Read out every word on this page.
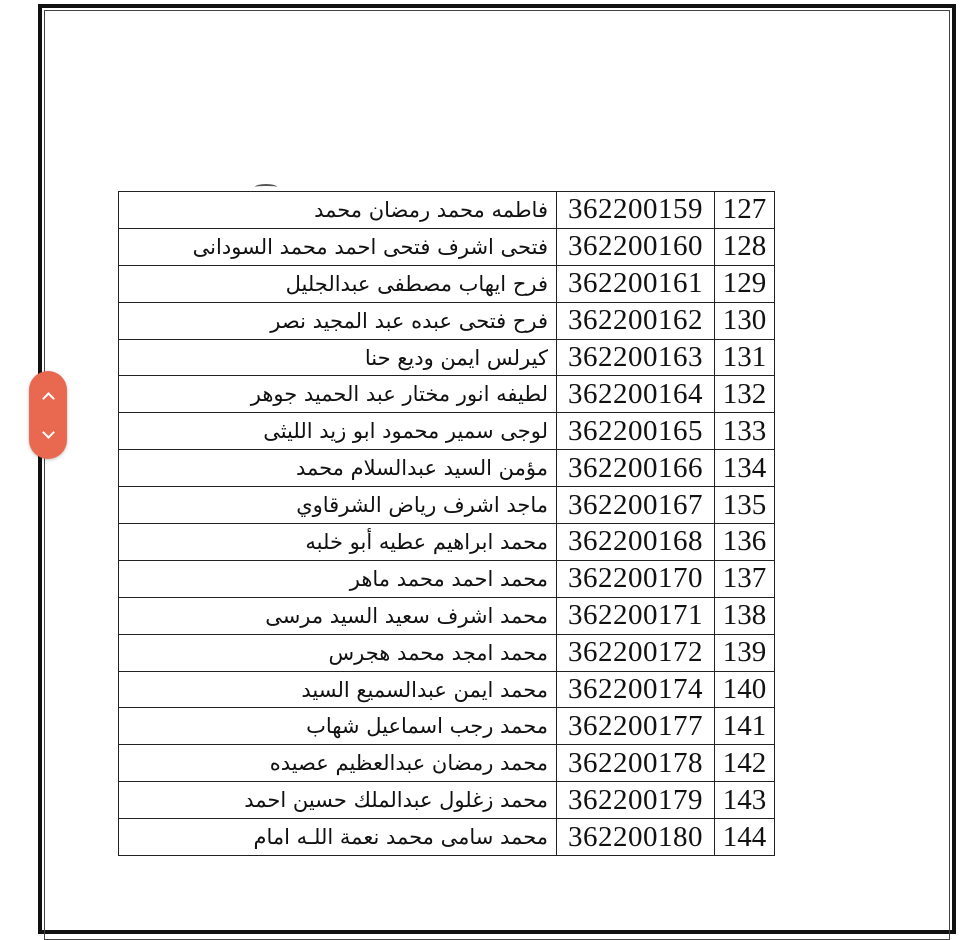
فاطمه محمد رمضان محمد	362200159	127
فتحى اشرف فتحى احمد محمد السودانى	362200160	128
فرح ايهاب مصطفى عبدالجليل	362200161	129
فرح فتحى عبده عبد المجيد نصر	362200162	130
كيرلس ايمن وديع حنا	362200163	131
لطيفه انور مختار عبد الحميد جوهر	362200164	132
لوجى سمير محمود ابو زيد الليثى	362200165	133
مؤمن السيد عبدالسلام محمد	362200166	134
ماجد اشرف رياض الشرقاوي	362200167	135
محمد ابراهيم عطيه أبو خلبه	362200168	136
محمد احمد محمد ماهر	362200170	137
محمد اشرف سعيد السيد مرسى	362200171	138
محمد امجد محمد هجرس	362200172	139
محمد ايمن عبدالسميع السيد	362200174	140
محمد رجب اسماعيل شهاب	362200177	141
محمد رمضان عبدالعظيم عصيده	362200178	142
محمد زغلول عبدالملك حسين احمد	362200179	143
محمد سامى محمد نعمة اللـه امام	362200180	144
